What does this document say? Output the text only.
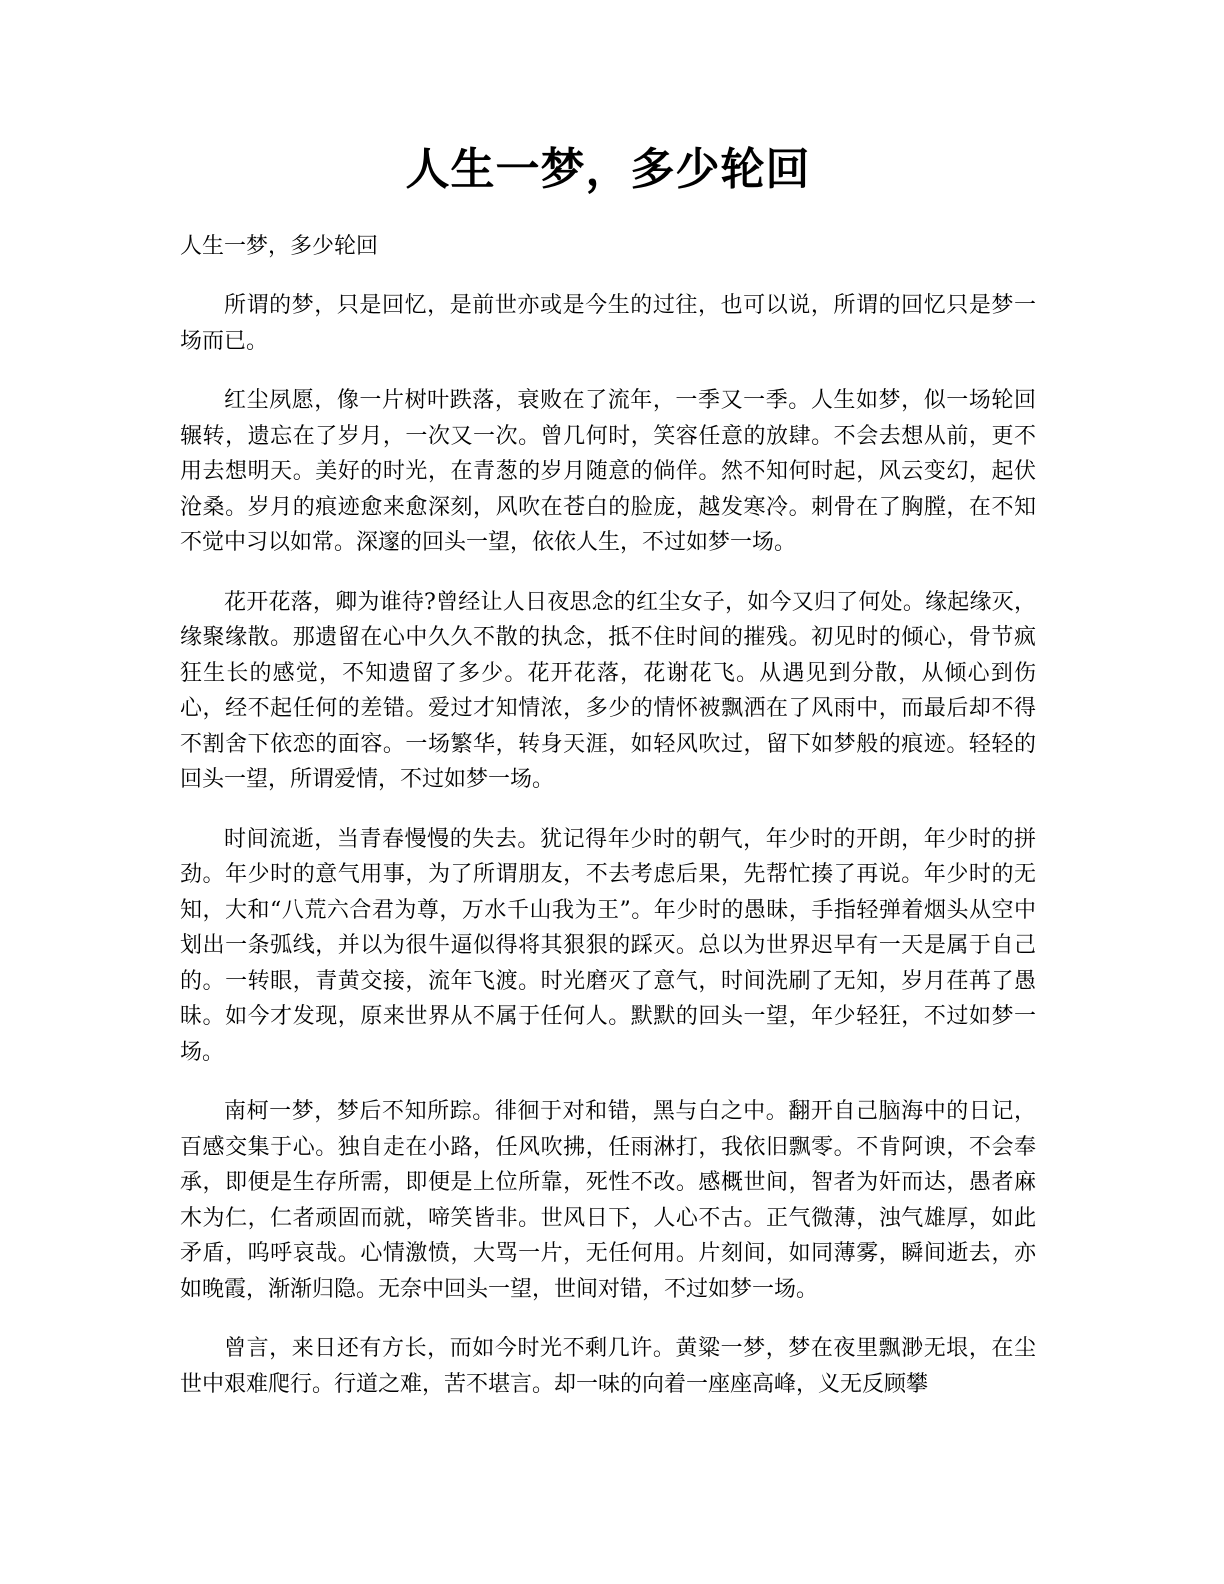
人生一梦，多少轮回

人生一梦，多少轮回

所谓的梦，只是回忆，是前世亦或是今生的过往，也可以说，所谓的回忆只是梦一场而已。

红尘夙愿，像一片树叶跌落，衰败在了流年，一季又一季。人生如梦，似一场轮回辗转，遗忘在了岁月，一次又一次。曾几何时，笑容任意的放肆。不会去想从前，更不用去想明天。美好的时光，在青葱的岁月随意的倘佯。然不知何时起，风云变幻，起伏沧桑。岁月的痕迹愈来愈深刻，风吹在苍白的脸庞，越发寒冷。刺骨在了胸膛，在不知不觉中习以如常。深邃的回头一望，依依人生，不过如梦一场。

花开花落，卿为谁待?曾经让人日夜思念的红尘女子，如今又归了何处。缘起缘灭，缘聚缘散。那遗留在心中久久不散的执念，抵不住时间的摧残。初见时的倾心，骨节疯狂生长的感觉，不知遗留了多少。花开花落，花谢花飞。从遇见到分散，从倾心到伤心，经不起任何的差错。爱过才知情浓，多少的情怀被飘洒在了风雨中，而最后却不得不割舍下依恋的面容。一场繁华，转身天涯，如轻风吹过，留下如梦般的痕迹。轻轻的回头一望，所谓爱情，不过如梦一场。

时间流逝，当青春慢慢的失去。犹记得年少时的朝气，年少时的开朗，年少时的拼劲。年少时的意气用事，为了所谓朋友，不去考虑后果，先帮忙揍了再说。年少时的无知，大和“八荒六合君为尊，万水千山我为王”。年少时的愚昧，手指轻弹着烟头从空中划出一条弧线，并以为很牛逼似得将其狠狠的踩灭。总以为世界迟早有一天是属于自己的。一转眼，青黄交接，流年飞渡。时光磨灭了意气，时间洗刷了无知，岁月荏苒了愚昧。如今才发现，原来世界从不属于任何人。默默的回头一望，年少轻狂，不过如梦一场。

南柯一梦，梦后不知所踪。徘徊于对和错，黑与白之中。翻开自己脑海中的日记，百感交集于心。独自走在小路，任风吹拂，任雨淋打，我依旧飘零。不肯阿谀，不会奉承，即便是生存所需，即便是上位所靠，死性不改。感概世间，智者为奸而达，愚者麻木为仁，仁者顽固而就，啼笑皆非。世风日下，人心不古。正气微薄，浊气雄厚，如此矛盾，呜呼哀哉。心情激愤，大骂一片，无任何用。片刻间，如同薄雾，瞬间逝去，亦如晚霞，渐渐归隐。无奈中回头一望，世间对错，不过如梦一场。

曾言，来日还有方长，而如今时光不剩几许。黄粱一梦，梦在夜里飘渺无垠，在尘世中艰难爬行。行道之难，苦不堪言。却一味的向着一座座高峰，义无反顾攀
